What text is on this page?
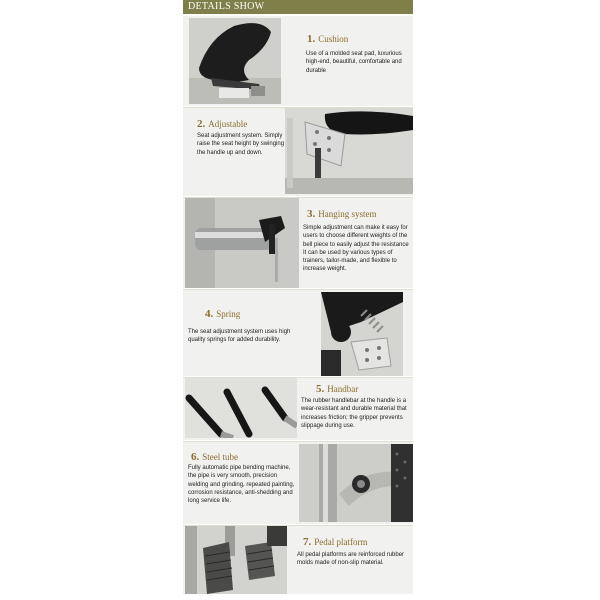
DETAILS SHOW
1. Cushion
Use of a molded seat pad, luxurious high-end, beautiful, comfortable and durable
2. Adjustable
Seat adjustment system. Simply raise the seat height by swinging the handle up and down.
3. Hanging system
Simple adjustment can make it easy for users to choose different weights of the bell piece to easily adjust the resistance It can be used by various types of trainers, tailor-made, and flexible to increase weight.
4. Spring
The seat adjustment system uses high quality springs for added durability.
5. Handbar
The rubber handlebar at the handle is a wear-resistant and durable material that increases friction; the gripper prevents slippage during use.
6. Steel tube
Fully automatic pipe bending machine, the pipe is very smooth, precision welding and grinding, repeated painting, corrosion resistance, anti-shedding and long service life.
7. Pedal platform
All pedal platforms are reinforced rubber molds made of non-slip material.
